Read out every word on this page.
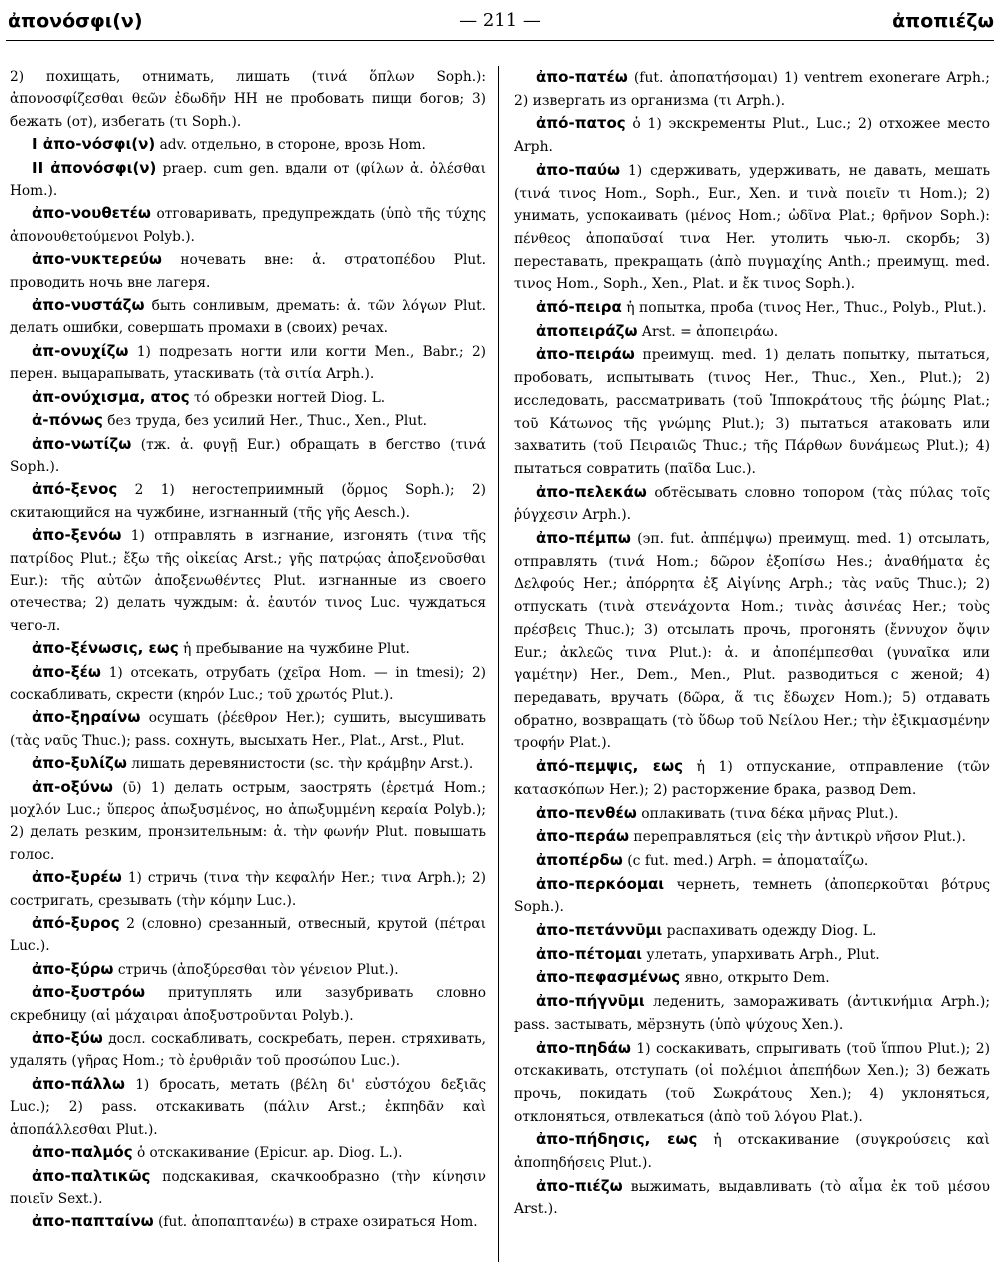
ἀπονόσφι(ν)	— 211 —	ἀποπιέζω

2) похищать, отнимать, лишать (τινά ὅπλων Soph.): ἀπονοσφίζεσθαι θεῶν ἐδωδῆν HH не пробовать пищи богов; 3) бежать (от), избегать (τι Soph.).

I ἀπο-νόσφι(ν) adv. отдельно, в стороне, врозь Hom.

II ἀπονόσφι(ν) praep. cum gen. вдали от (φίλων ἀ. ὀλέσθαι Hom.).

ἀπο-νουθετέω отговаривать, предупреждать (ὑπὸ τῆς τύχης ἀπονουθετούμενοι Polyb.).

ἀπο-νυκτερεύω ночевать вне: ἀ. στρατοπέδου Plut. проводить ночь вне лагеря.

ἀπο-νυστάζω быть сонливым, дремать: ἀ. τῶν λόγων Plut. делать ошибки, совершать промахи в (своих) речах.

ἀπ-ονυχίζω 1) подрезать ногти или когти Men., Babr.; 2) перен. выцарапывать, утаскивать (τὰ σιτία Arph.).

ἀπ-ονύχισμα, ατος τό обрезки ногтей Diog. L.

ἀ-πόνως без труда, без усилий Her., Thuc., Xen., Plut.

ἀπο-νωτίζω (тж. ἀ. φυγῇ Eur.) обращать в бегство (τινά Soph.).

ἀπό-ξενος 2 1) негостеприимный (ὅρμος Soph.); 2) скитающийся на чужбине, изгнанный (τῆς γῆς Aesch.).

ἀπο-ξενόω 1) отправлять в изгнание, изгонять (τινα τῆς πατρίδος Plut.; ἔξω τῆς οἰκείας Arst.; γῆς πατρῴας ἀποξενοῦσθαι Eur.): τῆς αὐτῶν ἀποξενωθέντες Plut. изгнанные из своего отечества; 2) делать чуждым: ἀ. ἑαυτόν τινος Luc. чуждаться чего-л.

ἀπο-ξένωσις, εως ἡ пребывание на чужбине Plut.

ἀπο-ξέω 1) отсекать, отрубать (χεῖρα Hom. — in tmesi); 2) соскабливать, скрести (κηρόν Luc.; τοῦ χρωτός Plut.).

ἀπο-ξηραίνω осушать (ῥέεθρον Her.); сушить, высушивать (τὰς ναῦς Thuc.); pass. сохнуть, высыхать Her., Plat., Arst., Plut.

ἀπο-ξυλίζω лишать деревянистости (sc. τὴν κράμβην Arst.).

ἀπ-οξύνω (ῡ) 1) делать острым, заострять (ἐρετμά Hom.; μοχλόν Luc.; ὕπερος ἀπωξυσμένος, но ἀπωξυμμένη κεραία Polyb.); 2) делать резким, пронзительным: ἀ. τὴν φωνήν Plut. повышать голос.

ἀπο-ξυρέω 1) стричь (τινα τὴν κεφαλήν Her.; τινα Arph.); 2) состригать, срезывать (τὴν κόμην Luc.).

ἀπό-ξυρος 2 (словно) срезанный, отвесный, крутой (πέτραι Luc.).

ἀπο-ξύρω стричь (ἀποξύρεσθαι τὸν γένειον Plut.).

ἀπο-ξυστρόω притуплять или зазубривать словно скребницу (αἱ μάχαιραι ἀποξυστροῦνται Polyb.).

ἀπο-ξύω досл. соскабливать, соскребать, перен. стряхивать, удалять (γῆρας Hom.; τὸ ἐρυθριᾶν τοῦ προσώπου Luc.).

ἀπο-πάλλω 1) бросать, метать (βέλη δι' εὐστόχου δεξιᾶς Luc.); 2) pass. отскакивать (πάλιν Arst.; ἐκπηδᾶν καὶ ἀποπάλλεσθαι Plut.).

ἀπο-παλμός ὁ отскакивание (Epicur. ap. Diog. L.).

ἀπο-παλτικῶς подскакивая, скачкообразно (τὴν κίνησιν ποιεῖν Sext.).

ἀπο-παπταίνω (fut. ἀποπαπτανέω) в страхе озираться Hom.

ἀπο-πατέω (fut. ἀποπατήσομαι) 1) ventrem exonerare Arph.; 2) извергать из организма (τι Arph.).

ἀπό-πατος ὁ 1) экскременты Plut., Luc.; 2) отхожее место Arph.

ἀπο-παύω 1) сдерживать, удерживать, не давать, мешать (τινά τινος Hom., Soph., Eur., Xen. и τινὰ ποιεῖν τι Hom.); 2) унимать, успокаивать (μένος Hom.; ὠδῖνα Plat.; θρῆνον Soph.): πένθεος ἀποπαῦσαί τινα Her. утолить чью-л. скорбь; 3) переставать, прекращать (ἀπὸ πυγμαχίης Anth.; преимущ. med. τινος Hom., Soph., Xen., Plat. и ἔκ τινος Soph.).

ἀπό-πειρα ἡ попытка, проба (τινος Her., Thuc., Polyb., Plut.).

ἀποπειράζω Arst. = ἀποπειράω.

ἀπο-πειράω преимущ. med. 1) делать попытку, пытаться, пробовать, испытывать (τινος Her., Thuc., Xen., Plut.); 2) исследовать, рассматривать (τοῦ Ἱπποκράτους τῆς ῥώμης Plat.; τοῦ Κάτωνος τῆς γνώμης Plut.); 3) пытаться атаковать или захватить (τοῦ Πειραιῶς Thuc.; τῆς Πάρθων δυνάμεως Plut.); 4) пытаться совратить (παῖδα Luc.).

ἀπο-πελεκάω обтёсывать словно топором (τὰς πύλας τοῖς ῥύγχεσιν Arph.).

ἀπο-πέμπω (эп. fut. ἀππέμψω) преимущ. med. 1) отсылать, отправлять (τινά Hom.; δῶρον ἐξοπίσω Hes.; ἀναθήματα ἐς Δελφούς Her.; ἀπόρρητα ἐξ Αἰγίνης Arph.; τὰς ναῦς Thuc.); 2) отпускать (τινὰ στενάχοντα Hom.; τινὰς ἀσινέας Her.; τοὺς πρέσβεις Thuc.); 3) отсылать прочь, прогонять (ἔννυχον ὄψιν Eur.; ἀκλεῶς τινα Plut.): ἀ. и ἀποπέμπεσθαι (γυναῖκα или γαμέτην) Her., Dem., Men., Plut. разводиться с женой; 4) передавать, вручать (δῶρα, ἅ τις ἔδωχεν Hom.); 5) отдавать обратно, возвращать (τὸ ὕδωρ τοῦ Νείλου Her.; τὴν ἐξικμασμένην τροφήν Plat.).

ἀπό-πεμψις, εως ἡ 1) отпускание, отправление (τῶν κατασκόπων Her.); 2) расторжение брака, развод Dem.

ἀπο-πενθέω оплакивать (τινα δέκα μῆνας Plut.).

ἀπο-περάω переправляться (εἰς τὴν ἀντικρὺ νῆσον Plut.).

ἀποπέρδω (с fut. med.) Arph. = ἀποματαΐζω.

ἀπο-περκόομαι чернеть, темнеть (ἀποπερκοῦται βότρυς Soph.).

ἀπο-πετάννῡμι распахивать одежду Diog. L.

ἀπο-πέτομαι улетать, упархивать Arph., Plut.

ἀπο-πεφασμένως явно, открыто Dem.

ἀπο-πήγνῡμι леденить, замораживать (ἀντικνήμια Arph.); pass. застывать, мёрзнуть (ὑπὸ ψύχους Xen.).

ἀπο-πηδάω 1) соскакивать, спрыгивать (τοῦ ἵππου Plut.); 2) отскакивать, отступать (οἱ πολέμιοι ἀπεπήδων Xen.); 3) бежать прочь, покидать (τοῦ Σωκράτους Xen.); 4) уклоняться, отклоняться, отвлекаться (ἀπὸ τοῦ λόγου Plat.).

ἀπο-πήδησις, εως ἡ отскакивание (συγκρούσεις καὶ ἀποπηδήσεις Plut.).

ἀπο-πιέζω выжимать, выдавливать (τὸ αἷμα ἐκ τοῦ μέσου Arst.).
